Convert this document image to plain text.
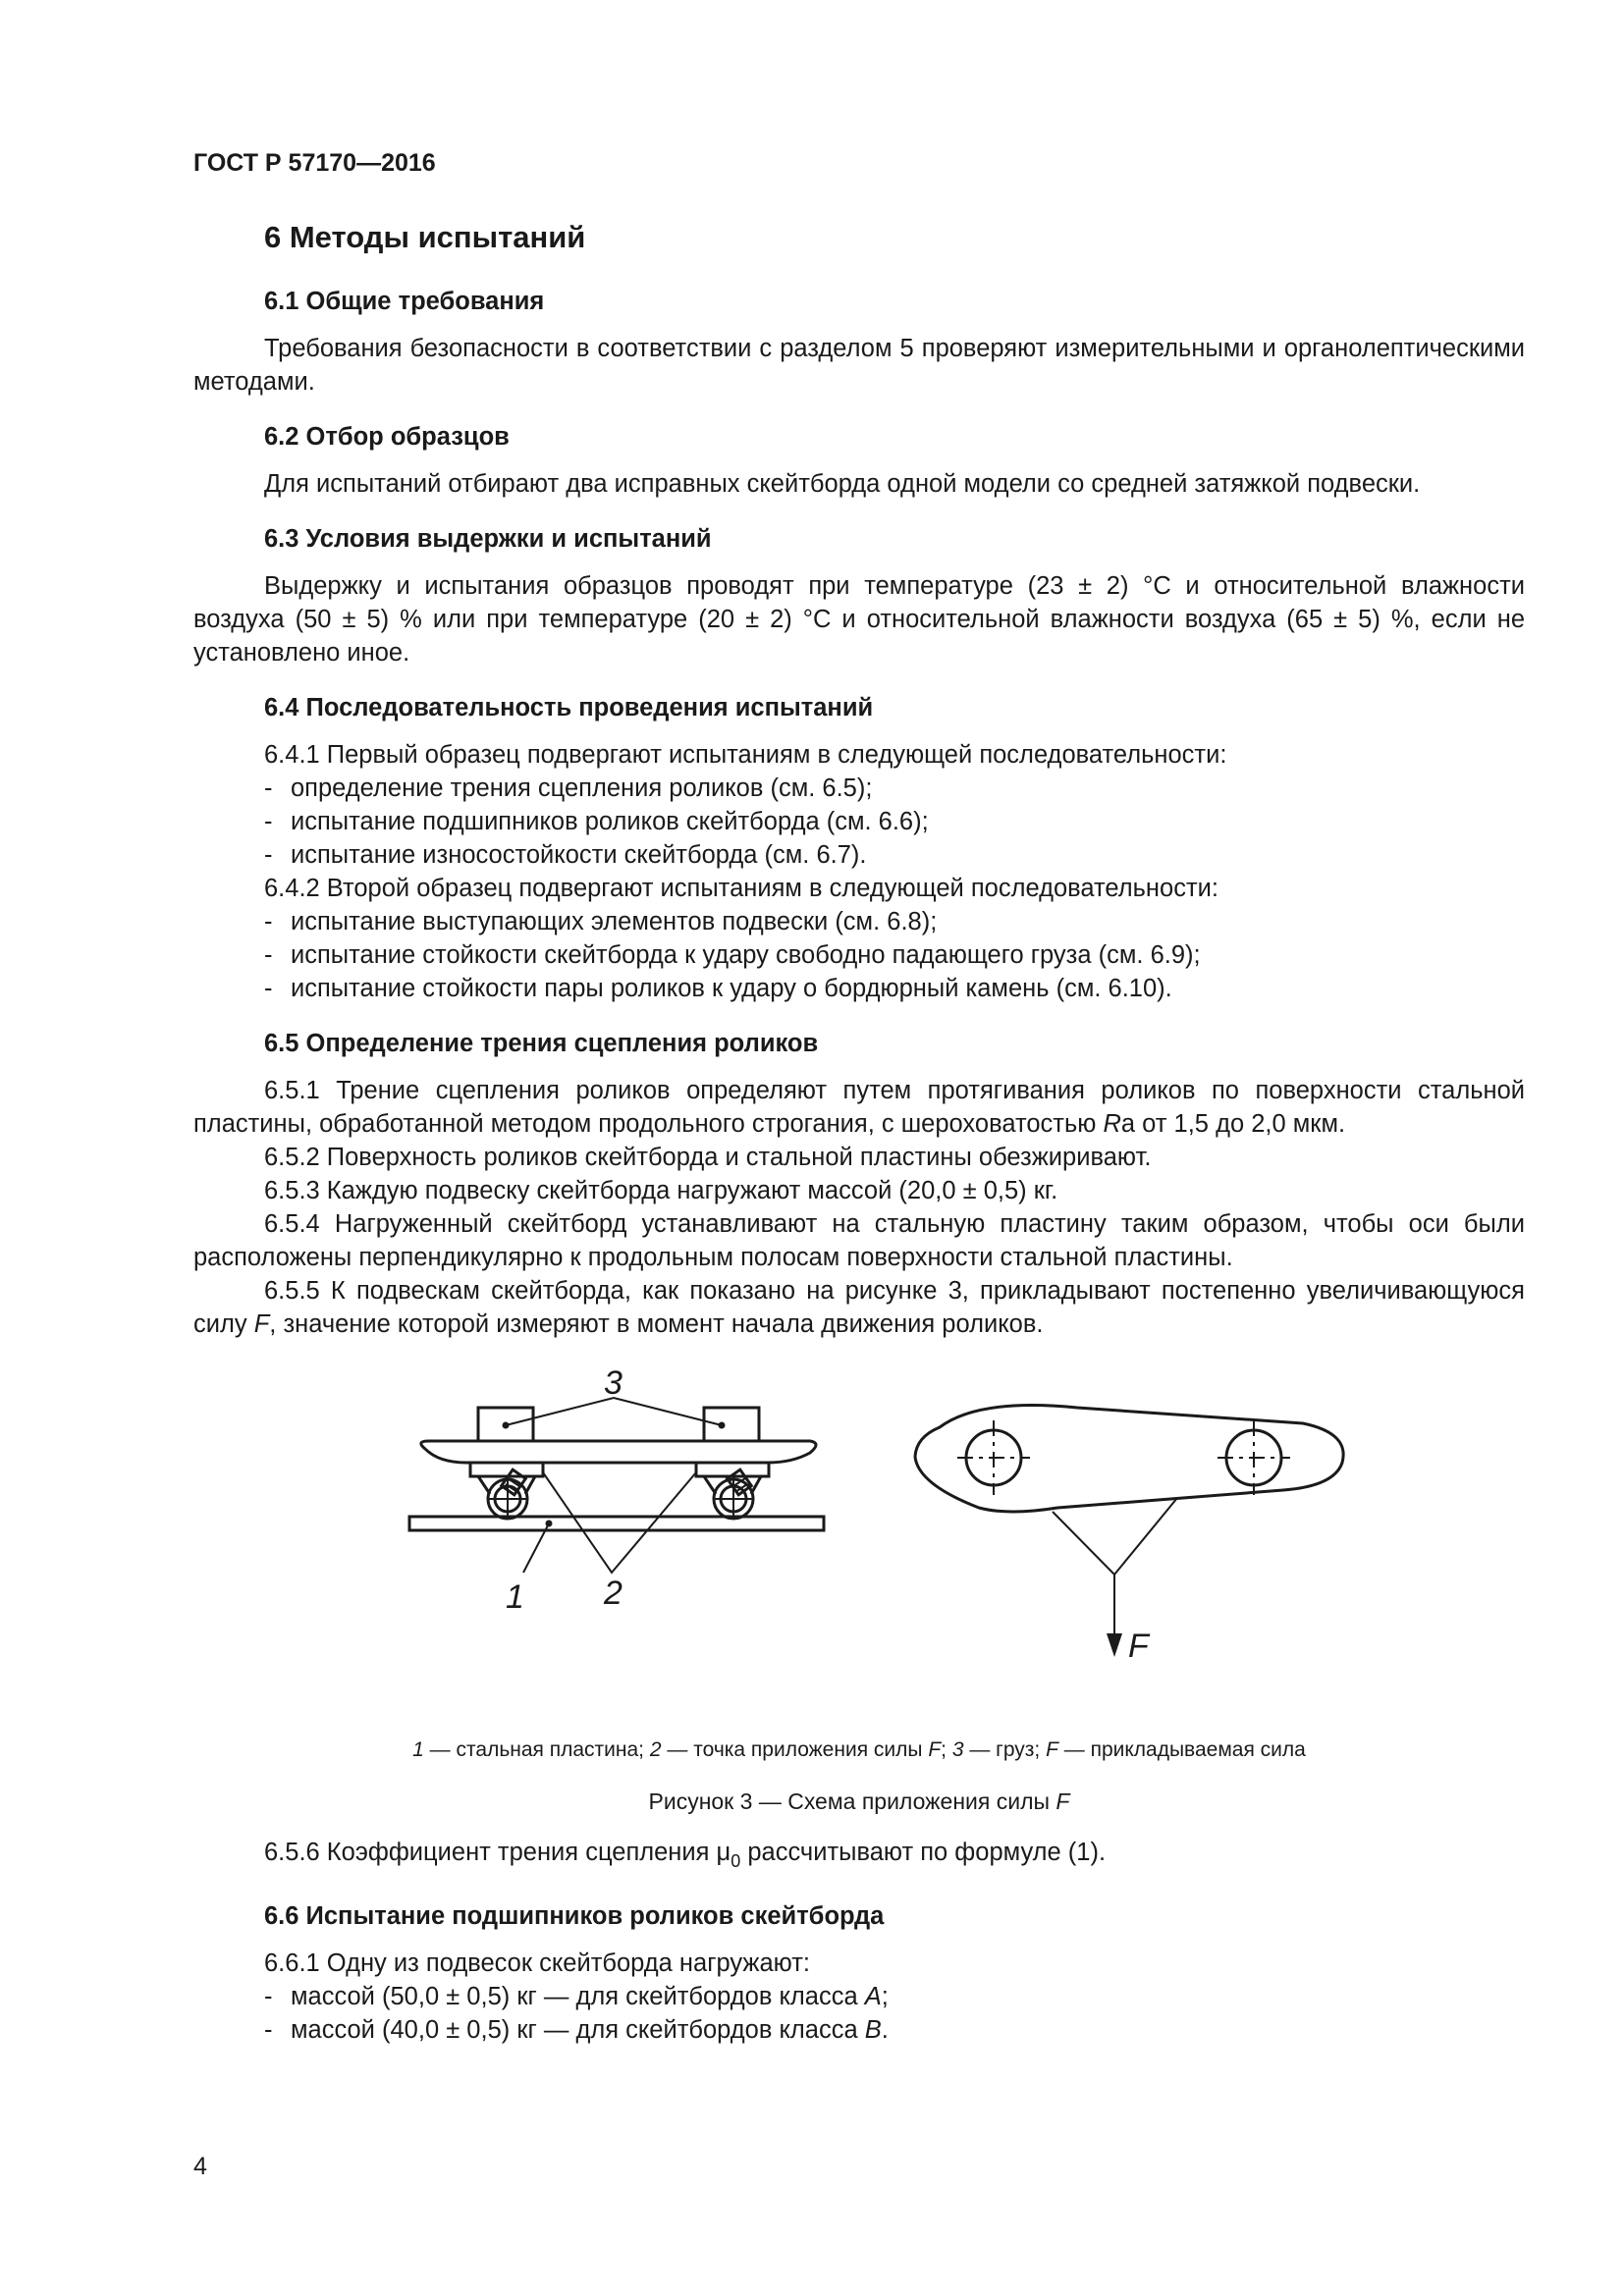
ГОСТ Р 57170—2016
6 Методы испытаний
6.1 Общие требования

Требования безопасности в соответствии с разделом 5 проверяют измерительными и органолептическими методами.

6.2 Отбор образцов

Для испытаний отбирают два исправных скейтборда одной модели со средней затяжкой подвески.

6.3 Условия выдержки и испытаний

Выдержку и испытания образцов проводят при температуре (23 ± 2) °C и относительной влажности воздуха (50 ± 5) % или при температуре (20 ± 2) °C и относительной влажности воздуха (65 ± 5) %, если не установлено иное.

6.4 Последовательность проведения испытаний

6.4.1 Первый образец подвергают испытаниям в следующей последовательности:

- определение трения сцепления роликов (см. 6.5);
- испытание подшипников роликов скейтборда (см. 6.6);
- испытание износостойкости скейтборда (см. 6.7).

6.4.2 Второй образец подвергают испытаниям в следующей последовательности:

- испытание выступающих элементов подвески (см. 6.8);
- испытание стойкости скейтборда к удару свободно падающего груза (см. 6.9);
- испытание стойкости пары роликов к удару о бордюрный камень (см. 6.10).
6.5 Определение трения сцепления роликов

6.5.1 Трение сцепления роликов определяют путем протягивания роликов по поверхности стальной пластины, обработанной методом продольного строгания, с шероховатостью Ra от 1,5 до 2,0 мкм.

6.5.2 Поверхность роликов скейтборда и стальной пластины обезжиривают.

6.5.3 Каждую подвеску скейтборда нагружают массой (20,0 ± 0,5) кг.

6.5.4 Нагруженный скейтборд устанавливают на стальную пластину таким образом, чтобы оси были расположены перпендикулярно к продольным полосам поверхности стальной пластины.

6.5.5 К подвескам скейтборда, как показано на рисунке 3, прикладывают постепенно увеличивающуюся силу F, значение которой измеряют в момент начала движения роликов.

3
2
1
F
1 — стальная пластина; 2 — точка приложения силы F; 3 — груз; F — прикладываемая сила
Рисунок 3 — Схема приложения силы F

6.5.6 Коэффициент трения сцепления $\mu_0$ рассчитывают по формуле (1).

6.6 Испытание подшипников роликов скейтборда

6.6.1 Одну из подвесок скейтборда нагружают:

- массой (50,0 ± 0,5) кг — для скейтбордов класса A;
- массой (40,0 ± 0,5) кг — для скейтбордов класса B.
4
